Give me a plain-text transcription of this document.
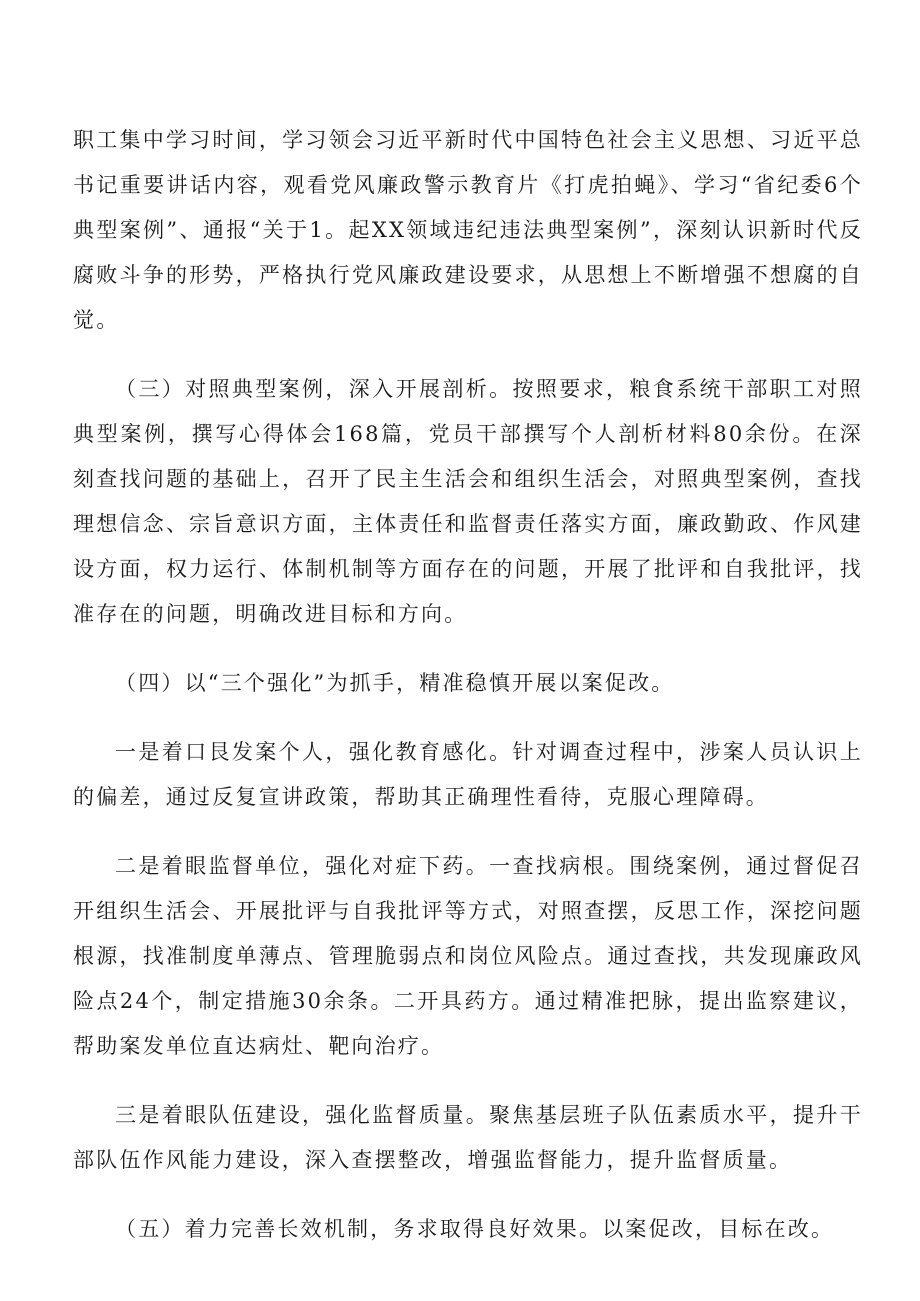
职工集中学习时间，学习领会习近平新时代中国特色社会主义思想、习近平总书记重要讲话内容，观看党风廉政警示教育片《打虎拍蝇》、学习“省纪委6个典型案例”、通报“关于1。起XX领域违纪违法典型案例”，深刻认识新时代反腐败斗争的形势，严格执行党风廉政建设要求，从思想上不断增强不想腐的自觉。

（三）对照典型案例，深入开展剖析。按照要求，粮食系统干部职工对照典型案例，撰写心得体会168篇，党员干部撰写个人剖析材料80余份。在深刻查找问题的基础上，召开了民主生活会和组织生活会，对照典型案例，查找理想信念、宗旨意识方面，主体责任和监督责任落实方面，廉政勤政、作风建设方面，权力运行、体制机制等方面存在的问题，开展了批评和自我批评，找准存在的问题，明确改进目标和方向。

（四）以“三个强化”为抓手，精准稳慎开展以案促改。

一是着口艮发案个人，强化教育感化。针对调查过程中，涉案人员认识上的偏差，通过反复宣讲政策，帮助其正确理性看待，克服心理障碍。

二是着眼监督单位，强化对症下药。一查找病根。围绕案例，通过督促召开组织生活会、开展批评与自我批评等方式，对照查摆，反思工作，深挖问题根源，找准制度单薄点、管理脆弱点和岗位风险点。通过查找，共发现廉政风险点24个，制定措施30余条。二开具药方。通过精准把脉，提出监察建议，帮助案发单位直达病灶、靶向治疗。

三是着眼队伍建设，强化监督质量。聚焦基层班子队伍素质水平，提升干部队伍作风能力建设，深入查摆整改，增强监督能力，提升监督质量。

（五）着力完善长效机制，务求取得良好效果。以案促改，目标在改。
